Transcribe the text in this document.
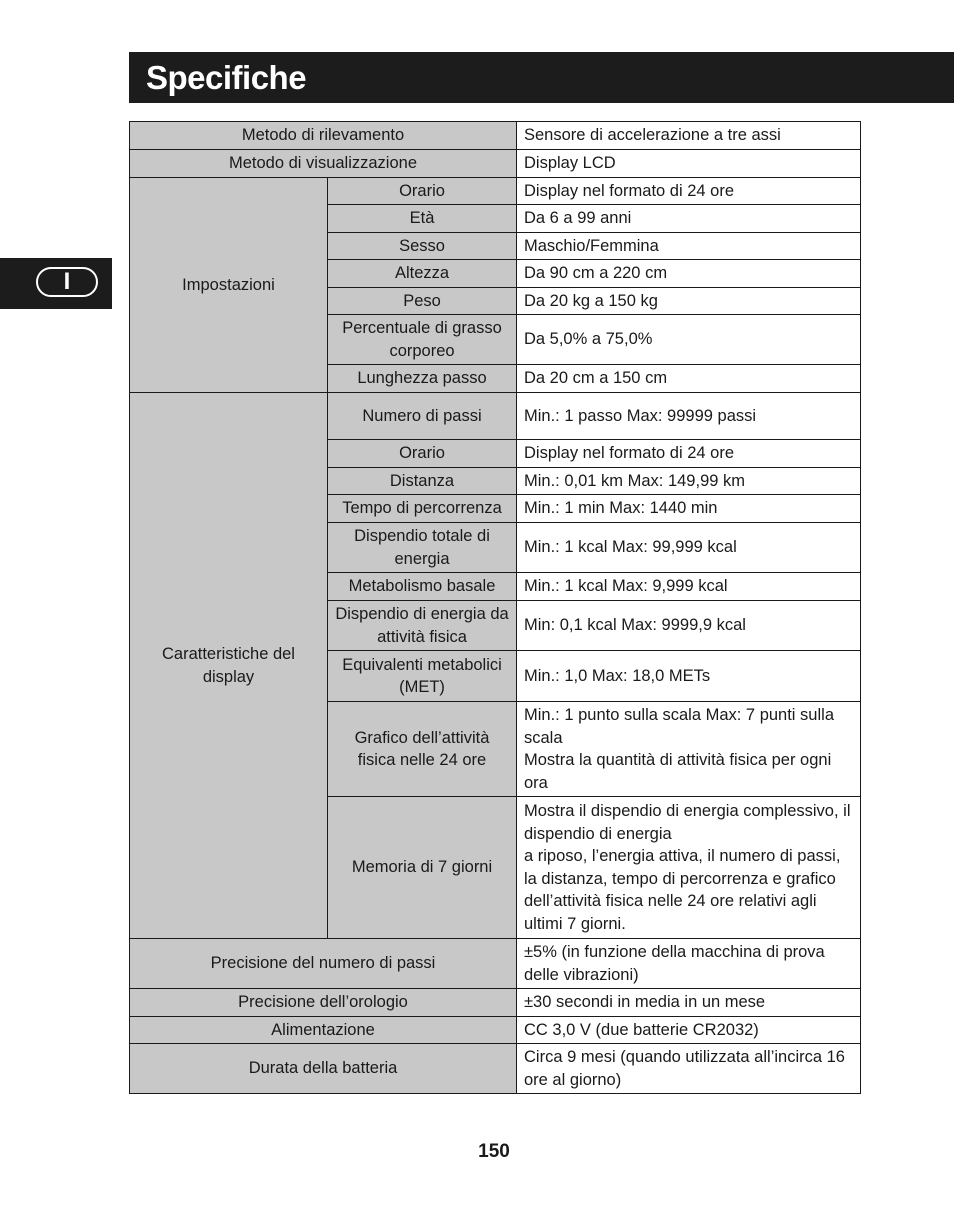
Specifiche
I
Metodo di rilevamento		Sensore di accelerazione a tre assi
Metodo di visualizzazione		Display LCD
Impostazioni	Orario	Display nel formato di 24 ore
	Età	Da 6 a 99 anni
	Sesso	Maschio/Femmina
	Altezza	Da 90 cm a 220 cm
	Peso	Da 20 kg a 150 kg
	Percentuale di grasso corporeo	Da 5,0% a 75,0%
	Lunghezza passo	Da 20 cm a 150 cm
Caratteristiche del display	Numero di passi	Min.: 1 passo Max: 99999 passi
	Orario	Display nel formato di 24 ore
	Distanza	Min.: 0,01 km Max: 149,99 km
	Tempo di percorrenza	Min.: 1 min Max: 1440 min
	Dispendio totale di energia	Min.: 1 kcal Max: 99,999 kcal
	Metabolismo basale	Min.: 1 kcal Max: 9,999 kcal
	Dispendio di energia da attività fisica	Min: 0,1 kcal Max: 9999,9 kcal
	Equivalenti metabolici (MET)	Min.: 1,0 Max: 18,0 METs
	Grafico dell’attività fisica nelle 24 ore	Min.: 1 punto sulla scala Max: 7 punti sulla scala
Mostra la quantità di attività fisica per ogni ora
	Memoria di 7 giorni	Mostra il dispendio di energia complessivo, il dispendio di energia
a riposo, l’energia attiva, il numero di passi, la distanza, tempo di percorrenza e grafico dell’attività fisica nelle 24 ore relativi agli ultimi 7 giorni.
Precisione del numero di passi		±5% (in funzione della macchina di prova delle vibrazioni)
Precisione dell’orologio		±30 secondi in media in un mese
Alimentazione		CC 3,0 V (due batterie CR2032)
Durata della batteria		Circa 9 mesi (quando utilizzata all’incirca 16 ore al giorno)
150
